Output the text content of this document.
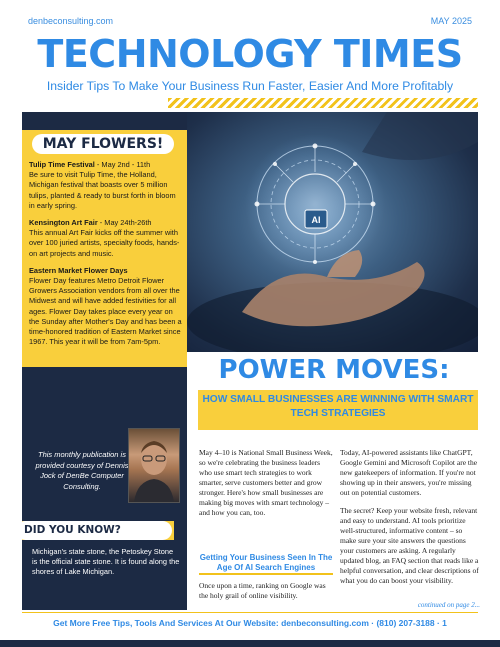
denbeconsulting.com	MAY 2025
TECHNOLOGY TIMES
Insider Tips To Make Your Business Run Faster, Easier And More Profitably
AI
MAY FLOWERS!

Tulip Time Festival - May 2nd - 11th
Be sure to visit Tulip Time, the Holland, Michigan festival that boasts over 5 million tulips, planted & ready to burst forth in bloom in early spring.

Kensington Art Fair - May 24th-26th
This annual Art Fair kicks off the summer with over 100 juried artists, specialty foods, hands-on art projects and music.

Eastern Market Flower Days
Flower Day features Metro Detroit Flower Growers Association vendors from all over the Midwest and will have added festivities for all ages. Flower Day takes place every year on the Sunday after Mother's Day and has been a time-honored tradition of Eastern Market since 1967. This year it will be from 7am-5pm.

This monthly publication is provided courtesy of Dennis Jock of DenBe Computer Consulting.
DID YOU KNOW?
Michigan's state stone, the Petoskey Stone is the official state stone. It is found along the shores of Lake Michigan.
POWER MOVES:
HOW SMALL BUSINESSES ARE WINNING WITH SMART TECH STRATEGIES

May 4–10 is National Small Business Week, so we're celebrating the business leaders who use smart tech strategies to work smarter, serve customers better and grow stronger. Here's how small businesses are making big moves with smart technology – and how you can, too.

Getting Your Business Seen In The Age Of AI Search Engines

Once upon a time, ranking on Google was the holy grail of online visibility.

Today, AI-powered assistants like ChatGPT, Google Gemini and Microsoft Copilot are the new gatekeepers of information. If you're not showing up in their answers, you're missing out on potential customers.

The secret? Keep your website fresh, relevant and easy to understand. AI tools prioritize well-structured, informative content – so make sure your site answers the questions your customers are asking. A regularly updated blog, an FAQ section that reads like a helpful conversation, and clear descriptions of what you do can boost your visibility.

continued on page 2...
Get More Free Tips, Tools And Services At Our Website: denbeconsulting.com · (810) 207-3188 · 1
